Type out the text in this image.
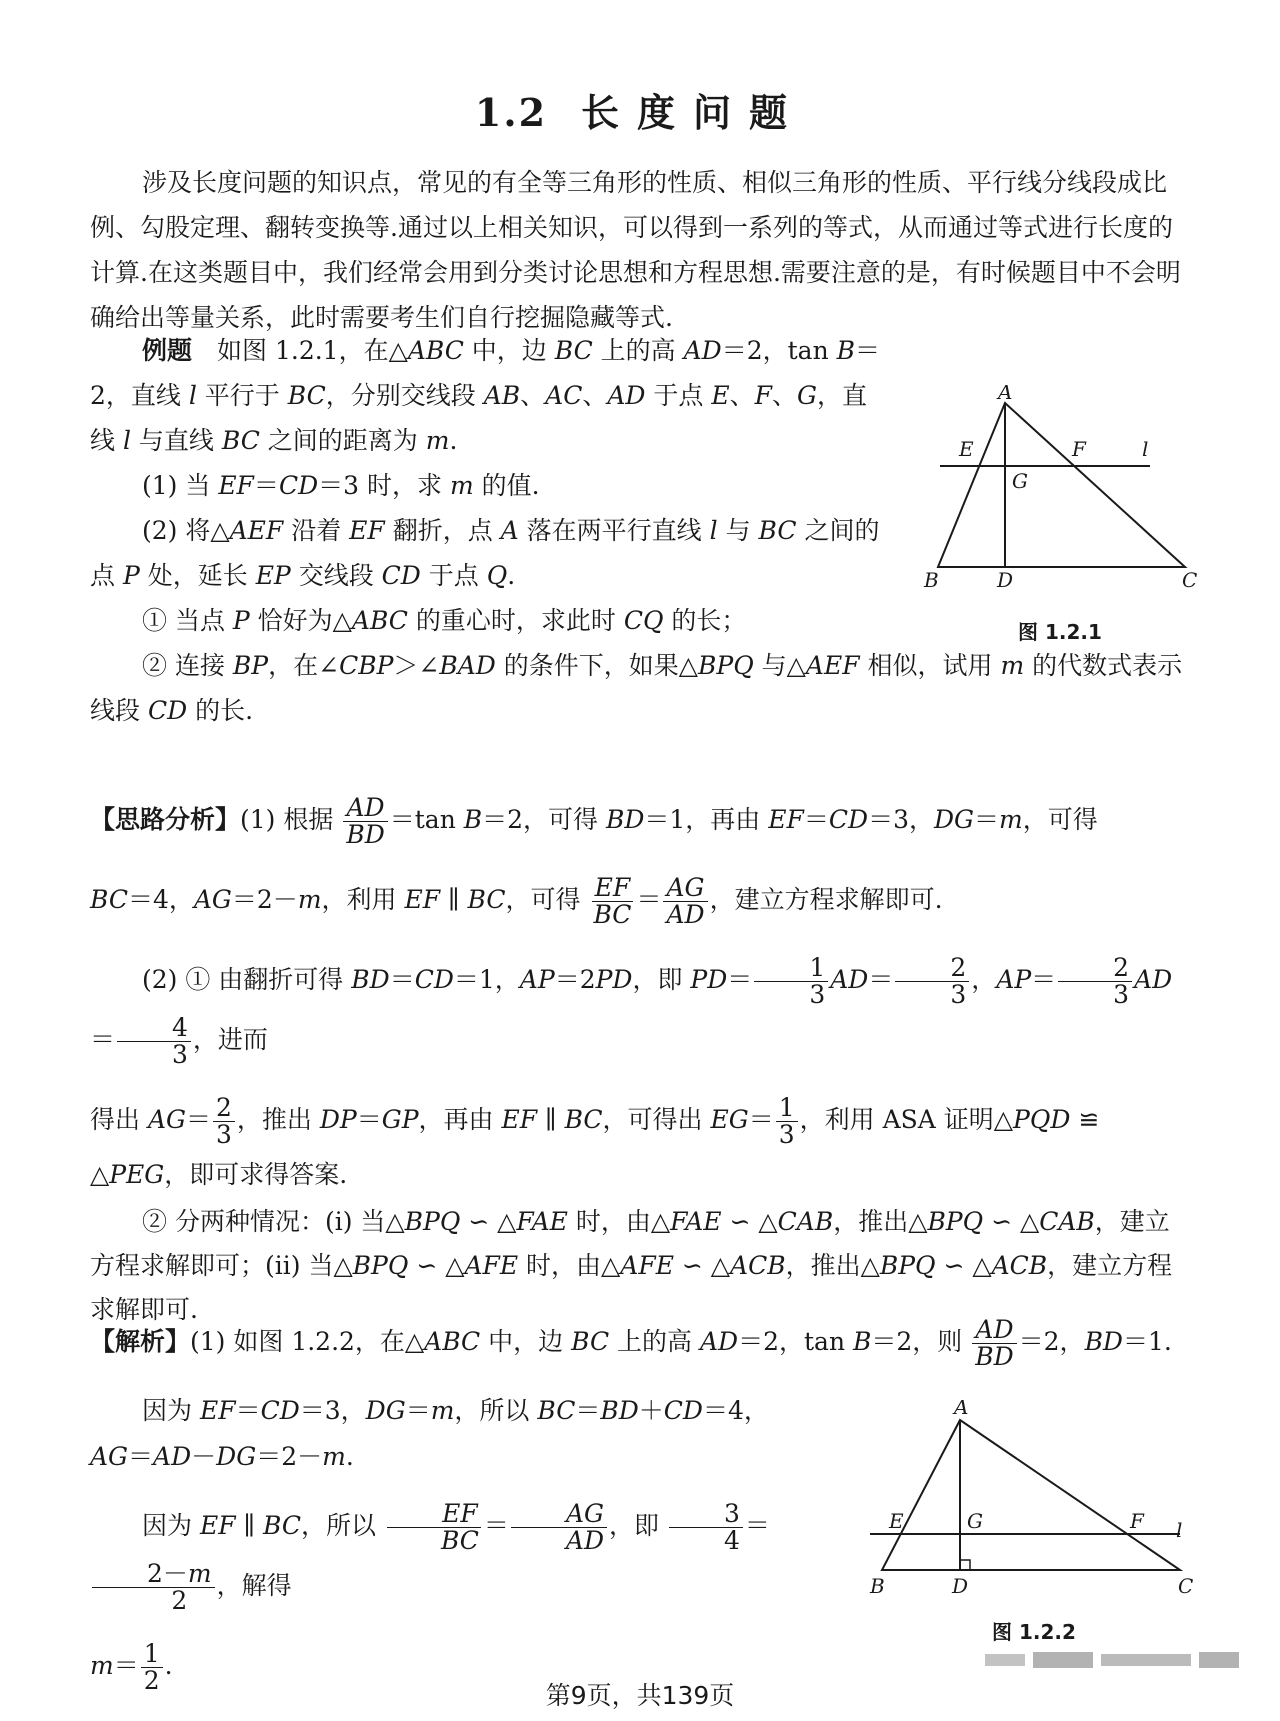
1.2 长度问题

涉及长度问题的知识点，常见的有全等三角形的性质、相似三角形的性质、平行线分线段成比例、勾股定理、翻转变换等.通过以上相关知识，可以得到一系列的等式，从而通过等式进行长度的计算.在这类题目中，我们经常会用到分类讨论思想和方程思想.需要注意的是，有时候题目中不会明确给出等量关系，此时需要考生们自行挖掘隐藏等式.

例题　如图 1.2.1，在△ABC 中，边 BC 上的高 AD＝2，tan B＝2，直线 l 平行于 BC，分别交线段 AB、AC、AD 于点 E、F、G，直线 l 与直线 BC 之间的距离为 m.
(1) 当 EF＝CD＝3 时，求 m 的值.
(2) 将△AEF 沿着 EF 翻折，点 A 落在两平行直线 l 与 BC 之间的点 P 处，延长 EP 交线段 CD 于点 Q.
① 当点 P 恰好为△ABC 的重心时，求此时 CQ 的长；
② 连接 BP，在∠CBP＞∠BAD 的条件下，如果△BPQ 与△AEF 相似，试用 m 的代数式表示线段 CD 的长.
A
B	C
D
E	F
G
l
图 1.2.1
【思路分析】(1) 根据 $\frac{AD}{BD} =\tan$ B＝2，可得 BD＝1，再由 EF＝CD＝3，DG＝m，可得
BC＝4，AG＝2－m，利用 EF ∥ BC，可得 $\frac{EF}{BC} = \frac{AG}{AD}$ ，建立方程求解即可.
(2) ① 由翻折可得 BD＝CD＝1，AP＝2PD，即 $PD= \frac{1}{3} AD= \frac{2}{3}$ ，$AP= \frac{2}{3} AD= \frac{4}{3}$ ，进而
得出 $AG= \frac{2}{3}$ ，推出 DP＝GP，再由 EF ∥ BC，可得出 $EG= \frac{1}{3}$ ，利用 ASA 证明△PQD ≌
△PEG，即可求得答案.
② 分两种情况：(ⅰ) 当△BPQ ∽ △FAE 时，由△FAE ∽ △CAB，推出△BPQ ∽ △CAB，建立方程求解即可；(ⅱ) 当△BPQ ∽ △AFE 时，由△AFE ∽ △ACB，推出△BPQ ∽ △ACB，建立方程求解即可.
【解析】(1) 如图 1.2.2，在△ABC 中，边 BC 上的高 AD＝2，tan B＝2，则 $\frac{AD}{BD} =2$，BD＝1.
因为 EF＝CD＝3，DG＝m，所以 BC＝BD＋CD＝4，
AG＝AD－DG＝2－m.
因为 EF ∥ BC，所以 $\frac{EF}{BC} = \frac{AG}{AD}$ ，即 $\frac{3}{4}$ ＝
$\frac{2-m}{2}$ ，解得
$m= \frac{1}{2}$ .
A
B	C
D
E	F
G	l
图 1.2.2
第9页，共139页
